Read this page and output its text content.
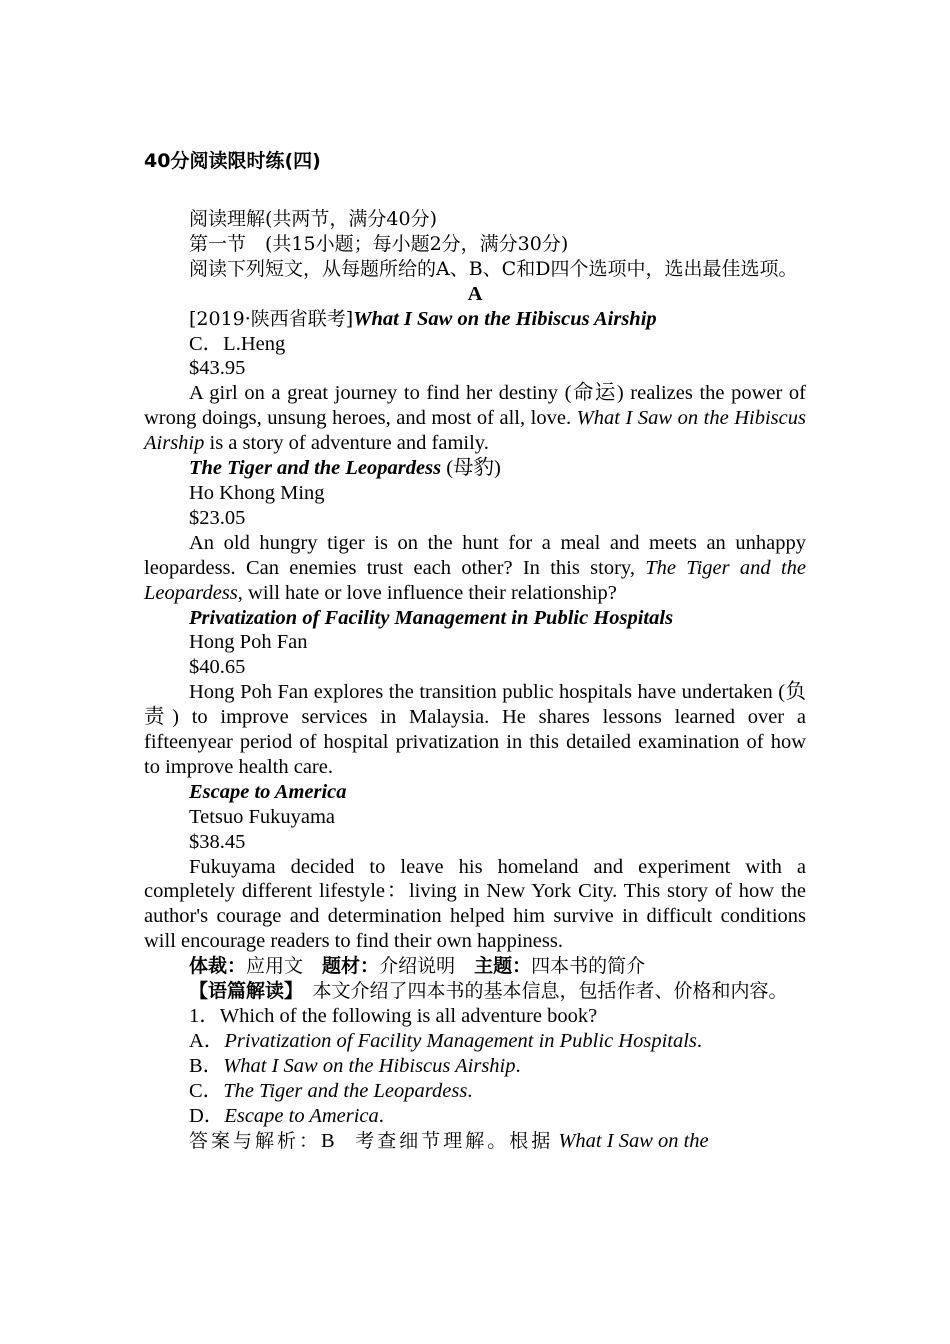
40分阅读限时练(四)

阅读理解(共两节，满分40分)

第一节　(共15小题；每小题2分，满分30分)

阅读下列短文，从每题所给的A、B、C和D四个选项中，选出最佳选项。

A

[2019·陕西省联考]What I Saw on the Hibiscus Airship

C．L.Heng

$43.95

A girl on a great journey to find her destiny (命运) realizes the power of wrong doings, unsung heroes, and most of all, love. What I Saw on the Hibiscus Airship is a story of adventure and family.

The Tiger and the Leopardess (母豹)

Ho Khong Ming

$23.05

An old hungry tiger is on the hunt for a meal and meets an unhappy leopardess. Can enemies trust each other? In this story, The Tiger and the Leopardess, will hate or love influence their relationship?

Privatization of Facility Management in Public Hospitals

Hong Poh Fan

$40.65

Hong Poh Fan explores the transition public hospitals have undertaken (负责) to improve services in Malaysia. He shares lessons learned over a fifteenyear period of hospital privatization in this detailed examination of how to improve health care.

Escape to America

Tetsuo Fukuyama

$38.45

Fukuyama decided to leave his homeland and experiment with a completely different lifestyle：living in New York City. This story of how the author's courage and determination helped him survive in difficult conditions will encourage readers to find their own happiness.

体裁：应用文　 题材：介绍说明　 主题：四本书的简介

【语篇解读】　 本文介绍了四本书的基本信息，包括作者、价格和内容。

1．Which of the following is all adventure book?

A．Privatization of Facility Management in Public Hospitals.

B．What I Saw on the Hibiscus Airship.

C．The Tiger and the Leopardess.

D．Escape to America.

答案与解析：B　 考查细节理解。根据 What I Saw on the
